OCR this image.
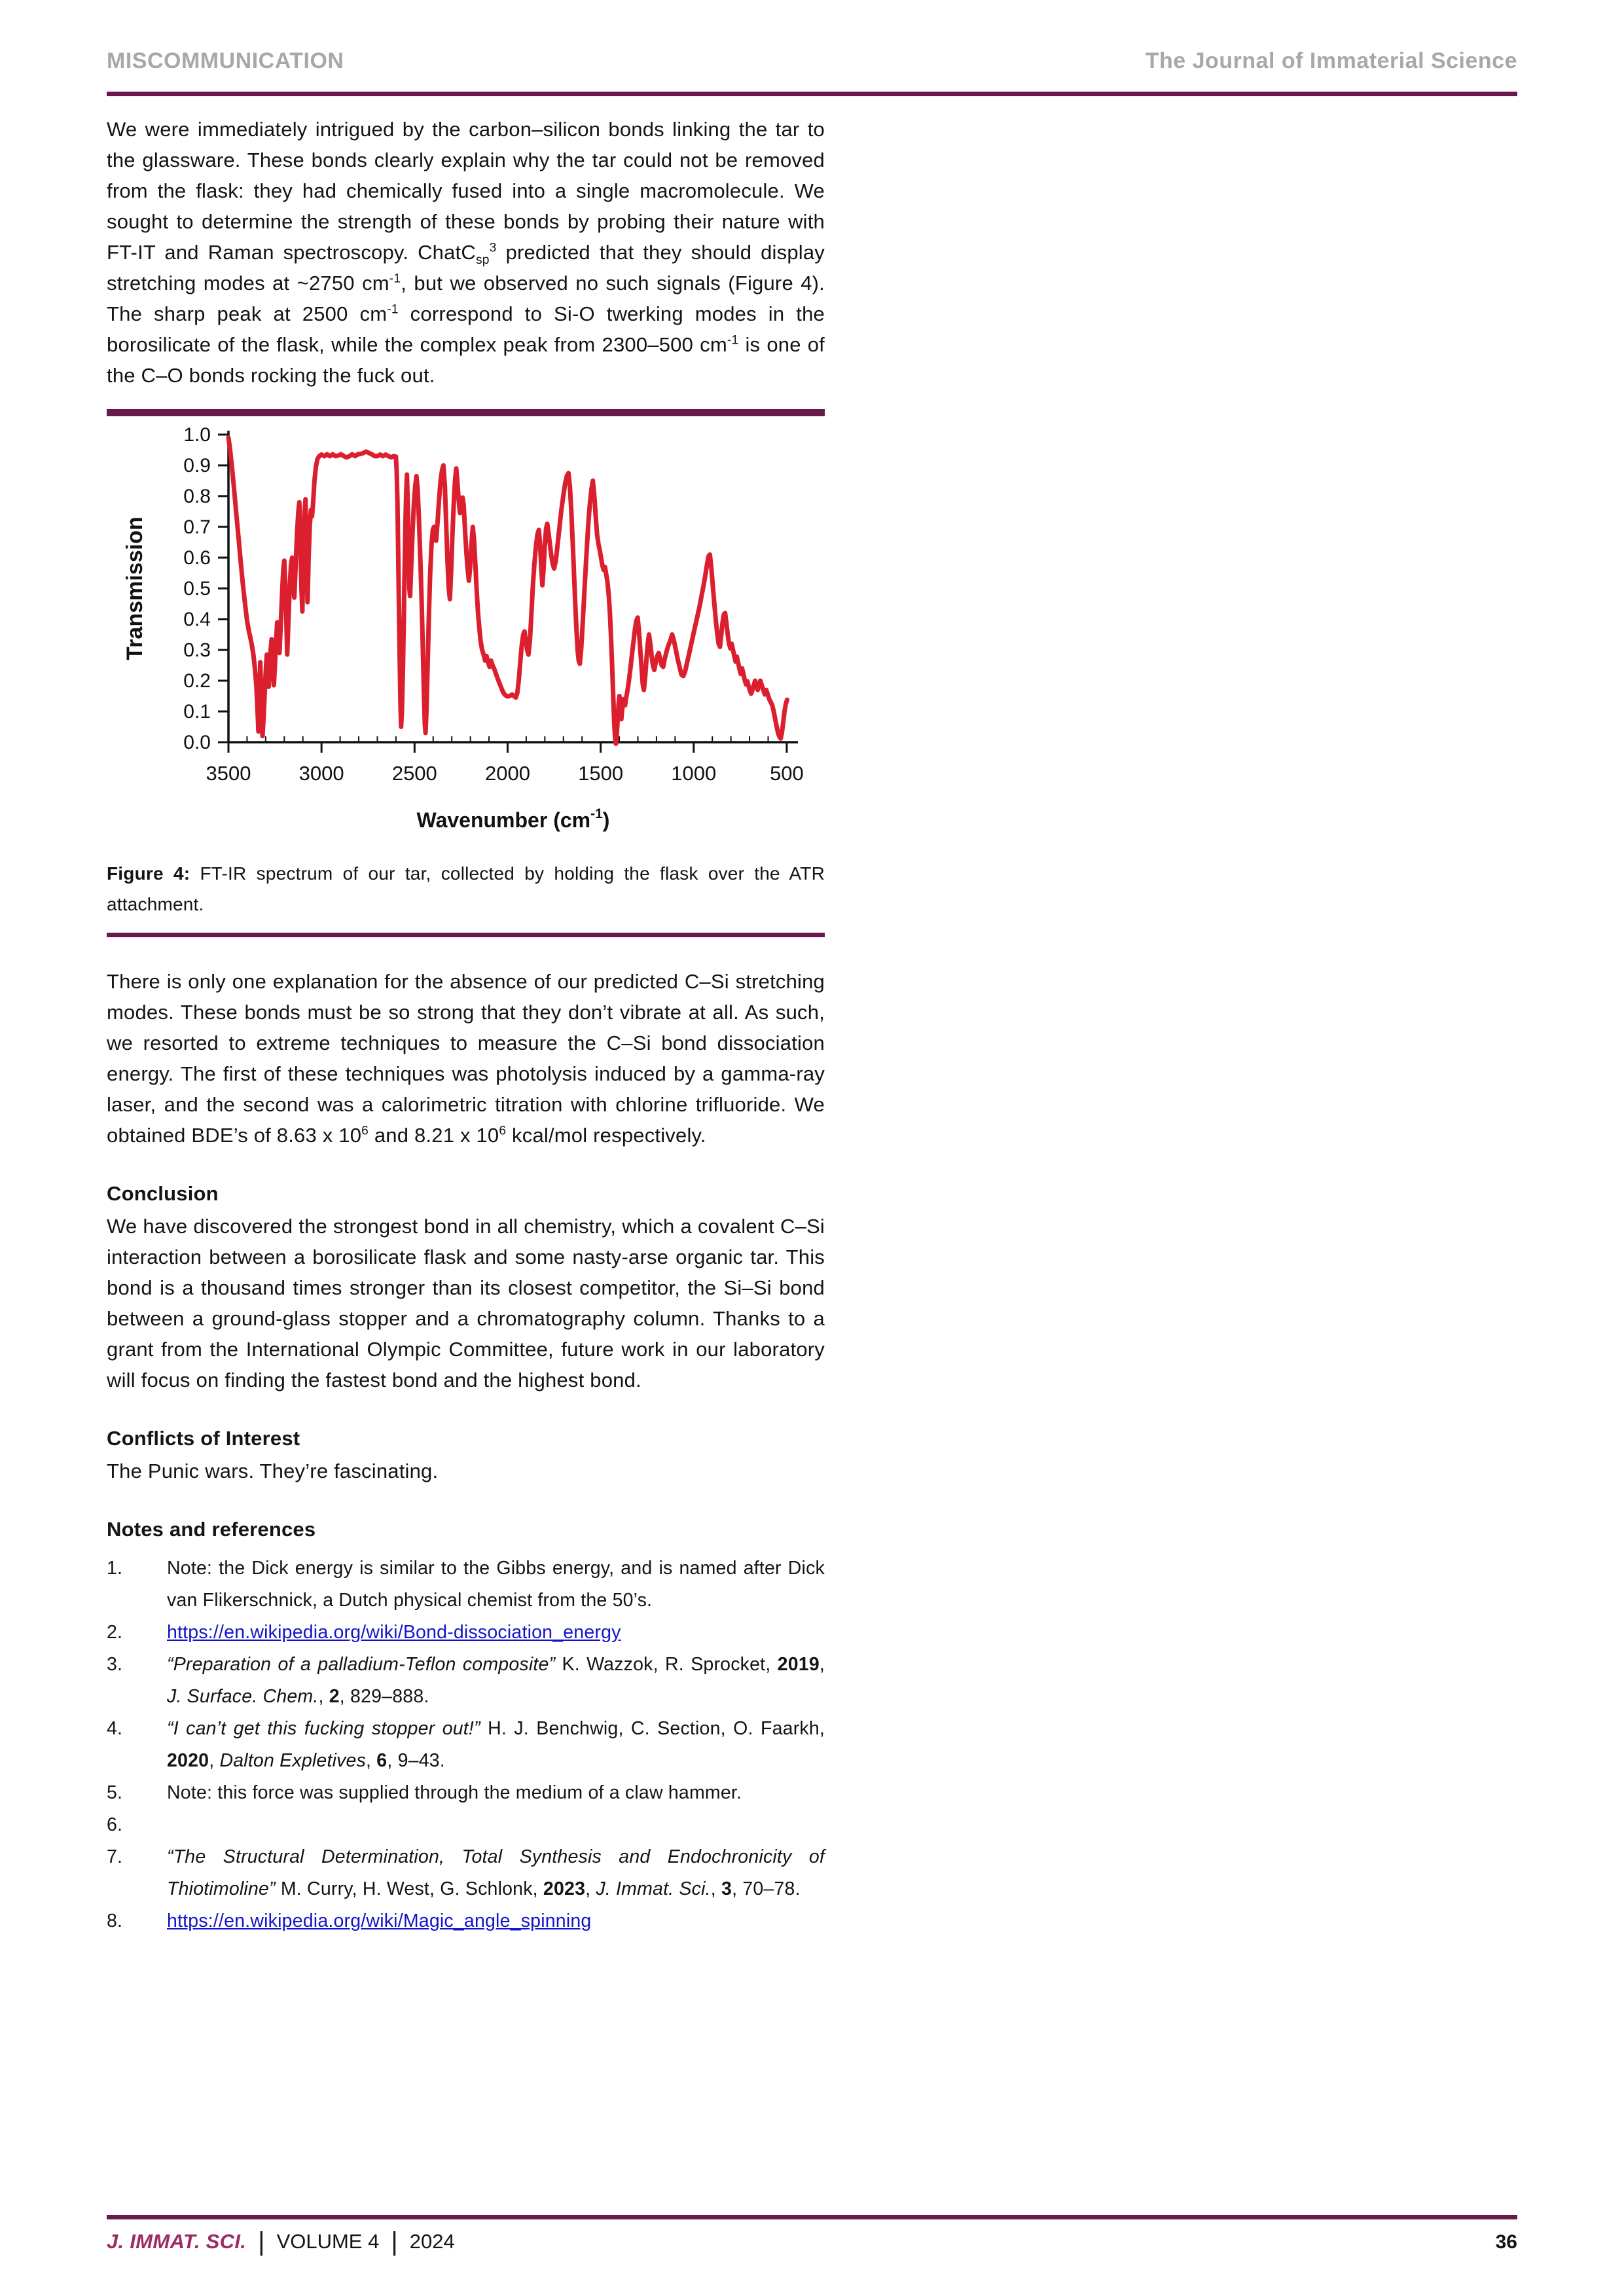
MISCOMMUNICATION	The Journal of Immaterial Science

We were immediately intrigued by the carbon–silicon bonds linking the tar to the glassware. These bonds clearly explain why the tar could not be removed from the flask: they had chemically fused into a single macromolecule. We sought to determine the strength of these bonds by probing their nature with FT-IT and Raman spectroscopy. ChatC$_{sp}^3$ predicted that they should display stretching modes at ~2750 $cm^{-1}$, but we observed no such signals (Figure 4). The sharp peak at 2500 $cm^{-1}$ correspond to Si-O twerking modes in the borosilicate of the flask, while the complex peak from 2300–500 $cm^{-1}$ is one of the C–O bonds rocking the fuck out.

1.0
0.9
0.8
0.7
0.6
0.5
0.4
0.3
0.2
0.1
0.0
3500 3000 2500 2000 1500 1000	500
Transmission
Wavenumber $(cm^{-1})$

Figure 4: FT-IR spectrum of our tar, collected by holding the flask over the ATR attachment.

There is only one explanation for the absence of our predicted C–Si stretching modes. These bonds must be so strong that they don’t vibrate at all. As such, we resorted to extreme techniques to measure the C–Si bond dissociation energy. The first of these techniques was photolysis induced by a gamma-ray laser, and the second was a calorimetric titration with chlorine trifluoride. We obtained BDE’s of 8.63 x $10^6$ and 8.21 x $10^6$ kcal/mol respectively.

Conclusion

We have discovered the strongest bond in all chemistry, which a covalent C–Si interaction between a borosilicate flask and some nasty-arse organic tar. This bond is a thousand times stronger than its closest competitor, the Si–Si bond between a ground-glass stopper and a chromatography column. Thanks to a grant from the International Olympic Committee, future work in our laboratory will focus on finding the fastest bond and the highest bond.

Conflicts of Interest

The Punic wars. They’re fascinating.

Notes and references
1.	Note: the Dick energy is similar to the Gibbs energy, and is named after Dick van Flikerschnick, a Dutch physical chemist from the 50’s.
2.	https://en.wikipedia.org/wiki/Bond-dissociation_energy
3.	“Preparation of a palladium-Teflon composite” K. Wazzok, R. Sprocket, 2019, J. Surface. Chem., 2, 829–888.
4.	“I can’t get this fucking stopper out!” H. J. Benchwig, C. Section, O. Faarkh, 2020, Dalton Expletives, 6, 9–43.
5.	Note: this force was supplied through the medium of a claw hammer.
6.
7.	“The Structural Determination, Total Synthesis and Endochronicity of Thiotimoline” M. Curry, H. West, G. Schlonk, 2023, J. Immat. Sci., 3, 70–78.
8.	https://en.wikipedia.org/wiki/Magic_angle_spinning
J. IMMAT. SCI. | VOLUME 4 | 2024	36
